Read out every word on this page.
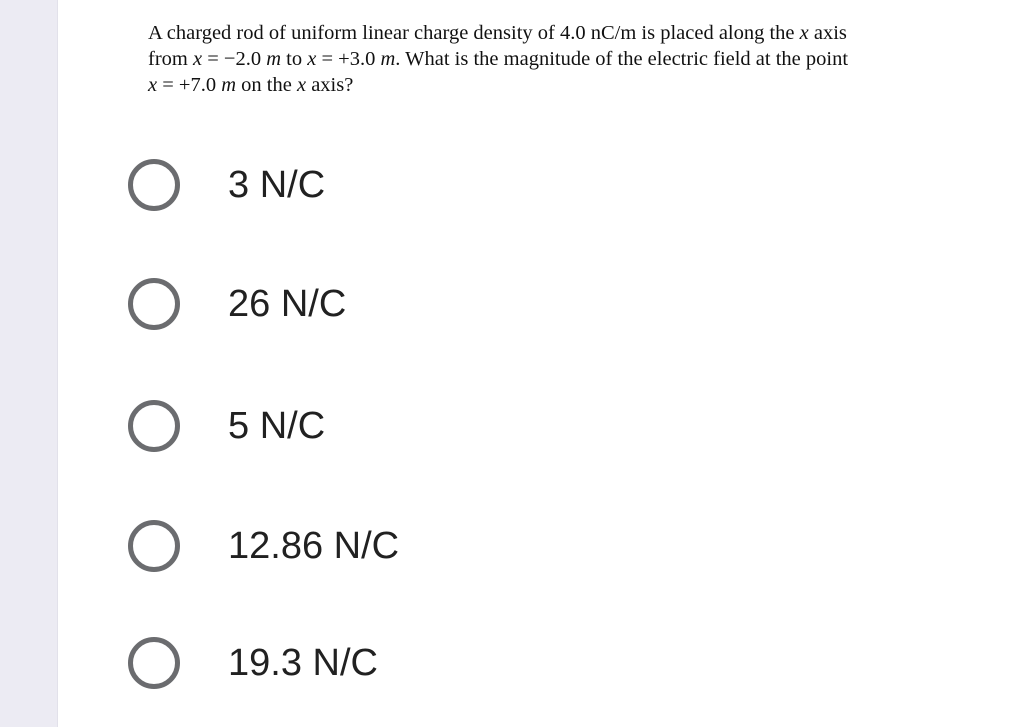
A charged rod of uniform linear charge density of 4.0 nC/m is placed along the x axis
from x = −2.0 m to x = +3.0 m. What is the magnitude of the electric field at the point
x = +7.0 m on the x axis?
3 N/C
26 N/C
5 N/C
12.86 N/C
19.3 N/C
